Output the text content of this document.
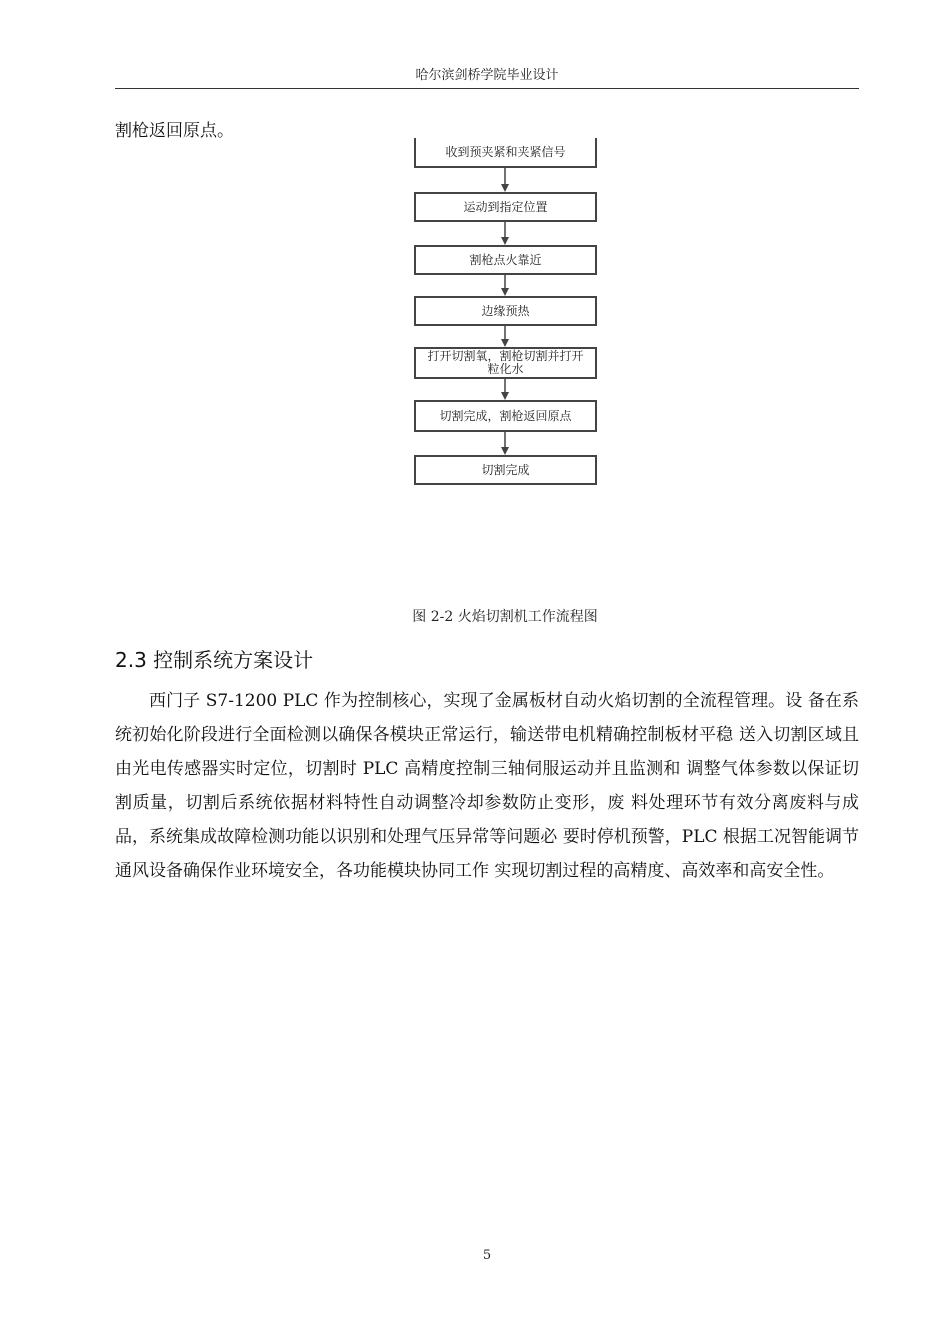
哈尔滨剑桥学院毕业设计
割枪返回原点。
收到预夹紧和夹紧信号
运动到指定位置
割枪点火靠近
边缘预热
打开切割氧，割枪切割并打开粒化水
切割完成，割枪返回原点
切割完成
图 2-2 火焰切割机工作流程图
2.3 控制系统方案设计

西门子 S7-1200 PLC 作为控制核心，实现了金属板材自动火焰切割的全流程管理。设 备在系统初始化阶段进行全面检测以确保各模块正常运行，输送带电机精确控制板材平稳 送入切割区域且由光电传感器实时定位，切割时 PLC 高精度控制三轴伺服运动并且监测和 调整气体参数以保证切割质量，切割后系统依据材料特性自动调整冷却参数防止变形，废 料处理环节有效分离废料与成品，系统集成故障检测功能以识别和处理气压异常等问题必 要时停机预警，PLC 根据工况智能调节通风设备确保作业环境安全，各功能模块协同工作 实现切割过程的高精度、高效率和高安全性。

5
